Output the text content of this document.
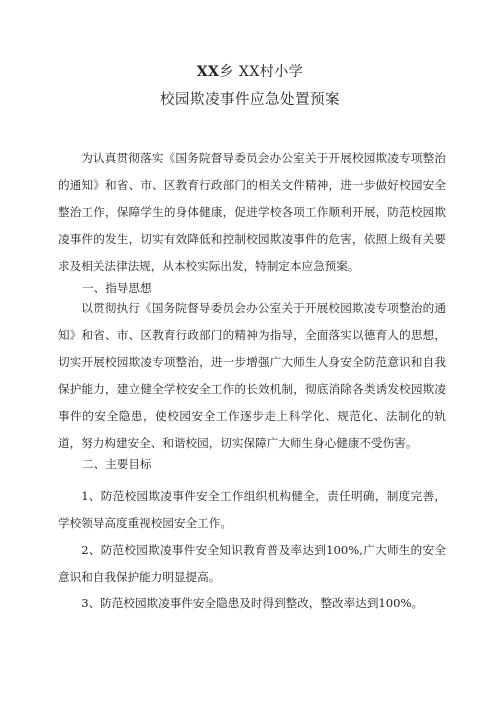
XX乡 XX村小学
校园欺凌事件应急处置预案

为认真贯彻落实《国务院督导委员会办公室关于开展校园欺凌专项整治的通知》和省、市、区教育行政部门的相关文件精神，进一步做好校园安全整治工作，保障学生的身体健康，促进学校各项工作顺利开展，防范校园欺凌事件的发生，切实有效降低和控制校园欺凌事件的危害，依照上级有关要求及相关法律法规，从本校实际出发，特制定本应急预案。

一、指导思想

以贯彻执行《国务院督导委员会办公室关于开展校园欺凌专项整治的通知》和省、市、区教育行政部门的精神为指导，全面落实以德育人的思想，切实开展校园欺凌专项整治，进一步增强广大师生人身安全防范意识和自我保护能力，建立健全学校安全工作的长效机制，彻底消除各类诱发校园欺凌事件的安全隐患，使校园安全工作逐步走上科学化、规范化、法制化的轨道，努力构建安全、和谐校园，切实保障广大师生身心健康不受伤害。

二、主要目标

1、防范校园欺凌事件安全工作组织机构健全，责任明确，制度完善，学校领导高度重视校园安全工作。

2、防范校园欺凌事件安全知识教育普及率达到100%,广大师生的安全意识和自我保护能力明显提高。

3、防范校园欺凌事件安全隐患及时得到整改，整改率达到100%。
